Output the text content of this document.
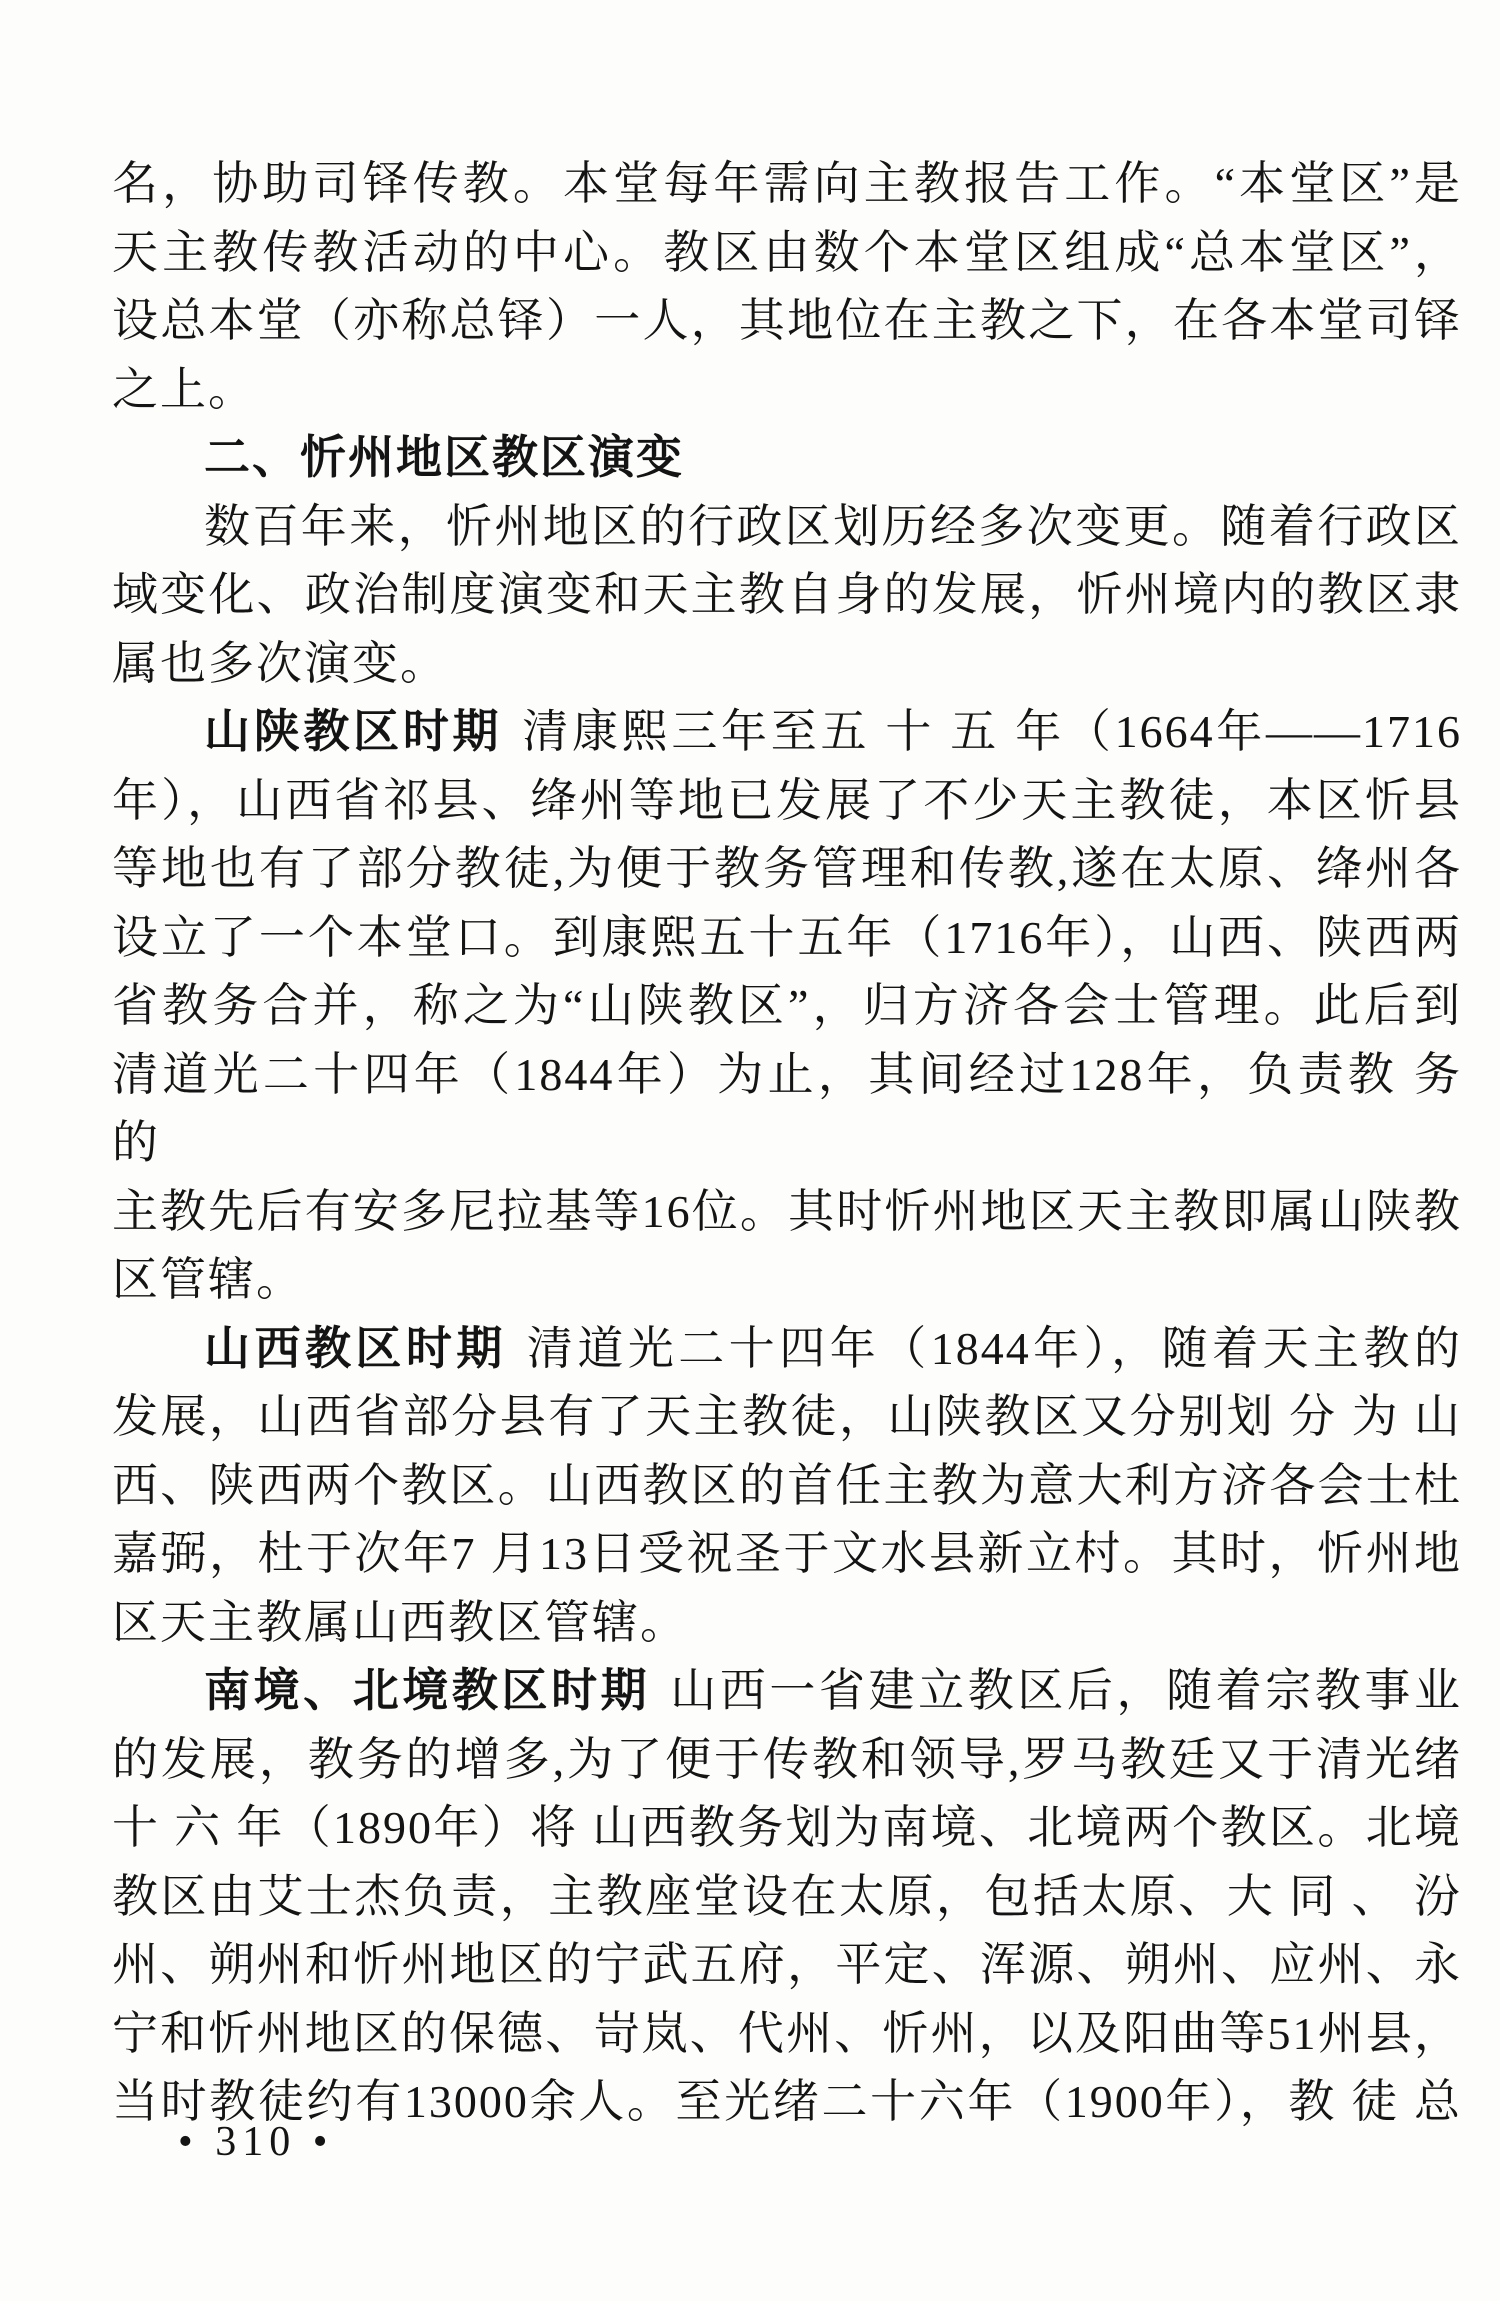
名，协助司铎传教。本堂每年需向主教报告工作。“本堂区”是
天主教传教活动的中心。教区由数个本堂区组成“总本堂区”，
设总本堂（亦称总铎）一人，其地位在主教之下，在各本堂司铎
之上。
二、忻州地区教区演变
数百年来，忻州地区的行政区划历经多次变更。随着行政区
域变化、政治制度演变和天主教自身的发展，忻州境内的教区隶
属也多次演变。
山陕教区时期 清康熙三年至五 十 五 年（1664年——1716
年），山西省祁县、绛州等地已发展了不少天主教徒，本区忻县
等地也有了部分教徒,为便于教务管理和传教,遂在太原、绛州各
设立了一个本堂口。到康熙五十五年（1716年），山西、陕西两
省教务合并，称之为“山陕教区”，归方济各会士管理。此后到
清道光二十四年（1844年）为止，其间经过128年，负责教 务 的
主教先后有安多尼拉基等16位。其时忻州地区天主教即属山陕教
区管辖。
山西教区时期 清道光二十四年（1844年），随着天主教的
发展，山西省部分县有了天主教徒，山陕教区又分别划 分 为 山
西、陕西两个教区。山西教区的首任主教为意大利方济各会士杜
嘉弼，杜于次年7 月13日受祝圣于文水县新立村。其时，忻州地
区天主教属山西教区管辖。
南境、北境教区时期 山西一省建立教区后，随着宗教事业
的发展，教务的增多,为了便于传教和领导,罗马教廷又于清光绪
十 六 年（1890年）将 山西教务划为南境、北境两个教区。北境
教区由艾士杰负责，主教座堂设在太原，包括太原、大 同 、 汾
州、朔州和忻州地区的宁武五府，平定、浑源、朔州、应州、永
宁和忻州地区的保德、岢岚、代州、忻州，以及阳曲等51州县，
当时教徒约有13000余人。至光绪二十六年（1900年），教 徒 总
• 310 •
